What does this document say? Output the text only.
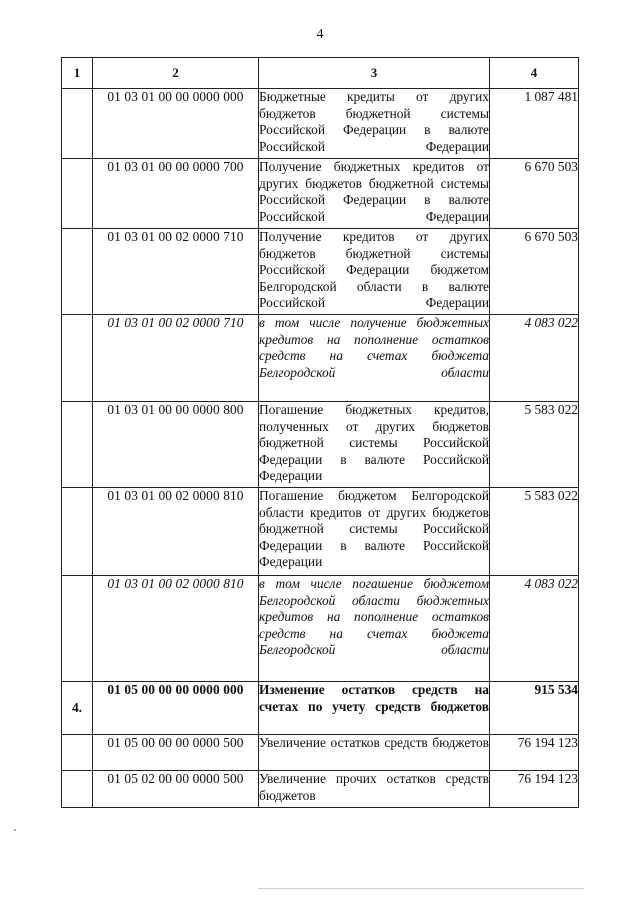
4
1	2	3	4
	01 03 01 00 00 0000 000	Бюджетные кредиты от других бюджетов бюджетной системы Российской Федерации в валюте Российской Федерации	1 087 481
	01 03 01 00 00 0000 700	Получение бюджетных кредитов от других бюджетов бюджетной системы Российской Федерации в валюте Российской Федерации	6 670 503
	01 03 01 00 02 0000 710	Получение кредитов от других бюджетов бюджетной системы Российской Федерации бюджетом Белгородской области в валюте Российской Федерации	6 670 503
	01 03 01 00 02 0000 710	в том числе получение бюджетных кредитов на пополнение остатков средств на счетах бюджета Белгородской области	4 083 022
	01 03 01 00 00 0000 800	Погашение бюджетных кредитов, полученных от других бюджетов бюджетной системы Российской Федерации в валюте Российской Федерации	5 583 022
	01 03 01 00 02 0000 810	Погашение бюджетом Белгородской области кредитов от других бюджетов бюджетной системы Российской Федерации в валюте Российской Федерации	5 583 022
	01 03 01 00 02 0000 810	в том числе погашение бюджетом Белгородской области бюджетных кредитов на пополнение остатков средств на счетах бюджета Белгородской области	4 083 022
4.	01 05 00 00 00 0000 000	Изменение остатков средств на счетах по учету средств бюджетов	915 534
	01 05 00 00 00 0000 500	Увеличение остатков средств бюджетов	76 194 123
	01 05 02 00 00 0000 500	Увеличение прочих остатков средств бюджетов	76 194 123
